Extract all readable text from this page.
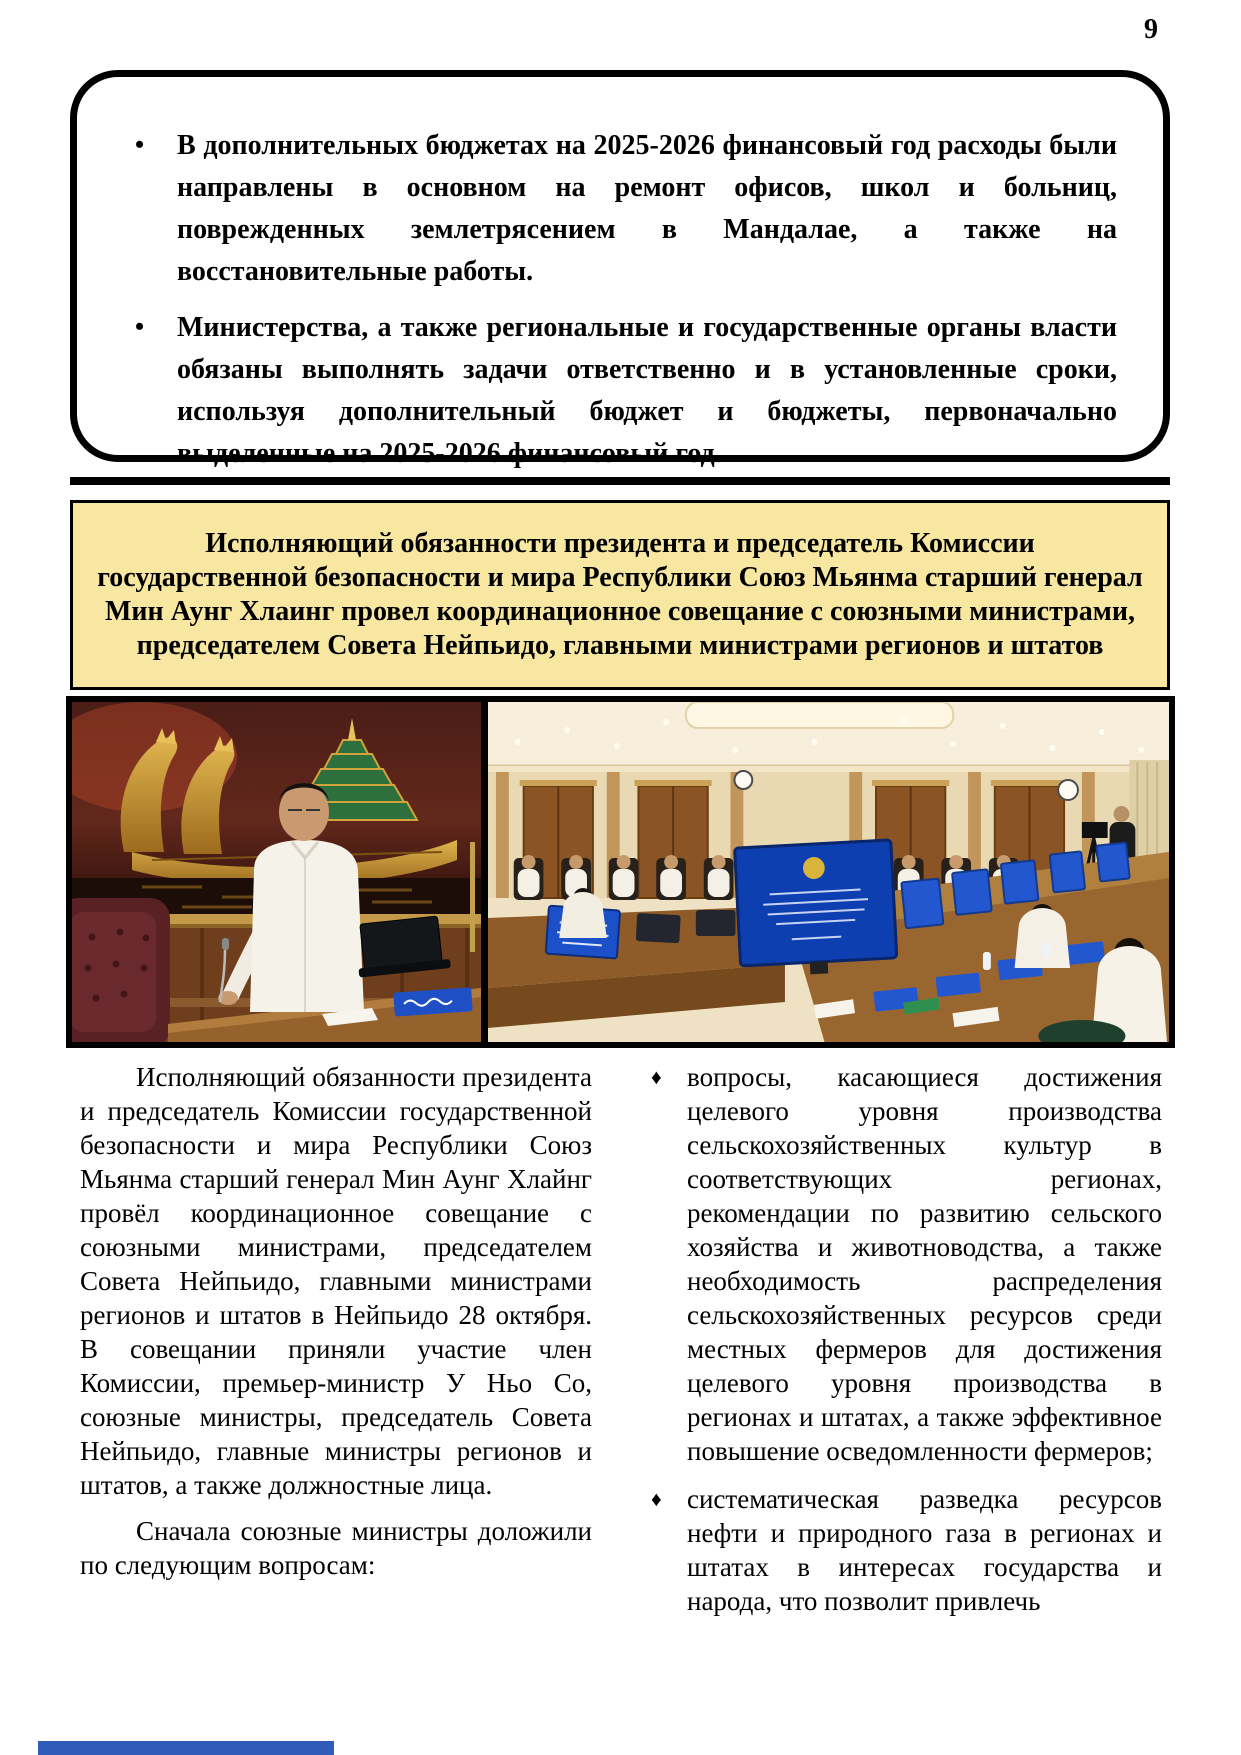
9
• В дополнительных бюджетах на 2025-2026 финансовый год расходы были направлены в основном на ремонт офисов, школ и больниц, поврежденных землетрясением в Мандалае, а также на восстановительные работы.
• Министерства, а также региональные и государственные органы власти обязаны выполнять задачи ответственно и в установленные сроки, используя дополнительный бюджет и бюджеты, первоначально выделенные на 2025-2026 финансовый год.
Исполняющий обязанности президента и председатель Комиссии государственной безопасности и мира Республики Союз Мьянма старший генерал Мин Аунг Хлаинг провел координационное совещание с союзными министрами, председателем Совета Нейпьидо, главными министрами регионов и штатов

Исполняющий обязанности президента и председатель Комиссии государственной безопасности и мира Республики Союз Мьянма старший генерал Мин Аунг Хлайнг провёл координационное совещание с союзными министрами, председателем Совета Нейпьидо, главными министрами регионов и штатов в Нейпьидо 28 октября. В совещании приняли участие член Комиссии, премьер-министр У Ньо Со, союзные министры, председатель Совета Нейпьидо, главные министры регионов и штатов, а также должностные лица.

Сначала союзные министры доложили по следующим вопросам:

♦ вопросы, касающиеся достижения целевого уровня производства сельскохозяйственных культур в соответствующих регионах, рекомендации по развитию сельского хозяйства и животноводства, а также необходимость распределения сельскохозяйственных ресурсов среди местных фермеров для достижения целевого уровня производства в регионах и штатах, а также эффективное повышение осведомленности фермеров;
♦ систематическая разведка ресурсов нефти и природного газа в регионах и штатах в интересах государства и народа, что позволит привлечь
